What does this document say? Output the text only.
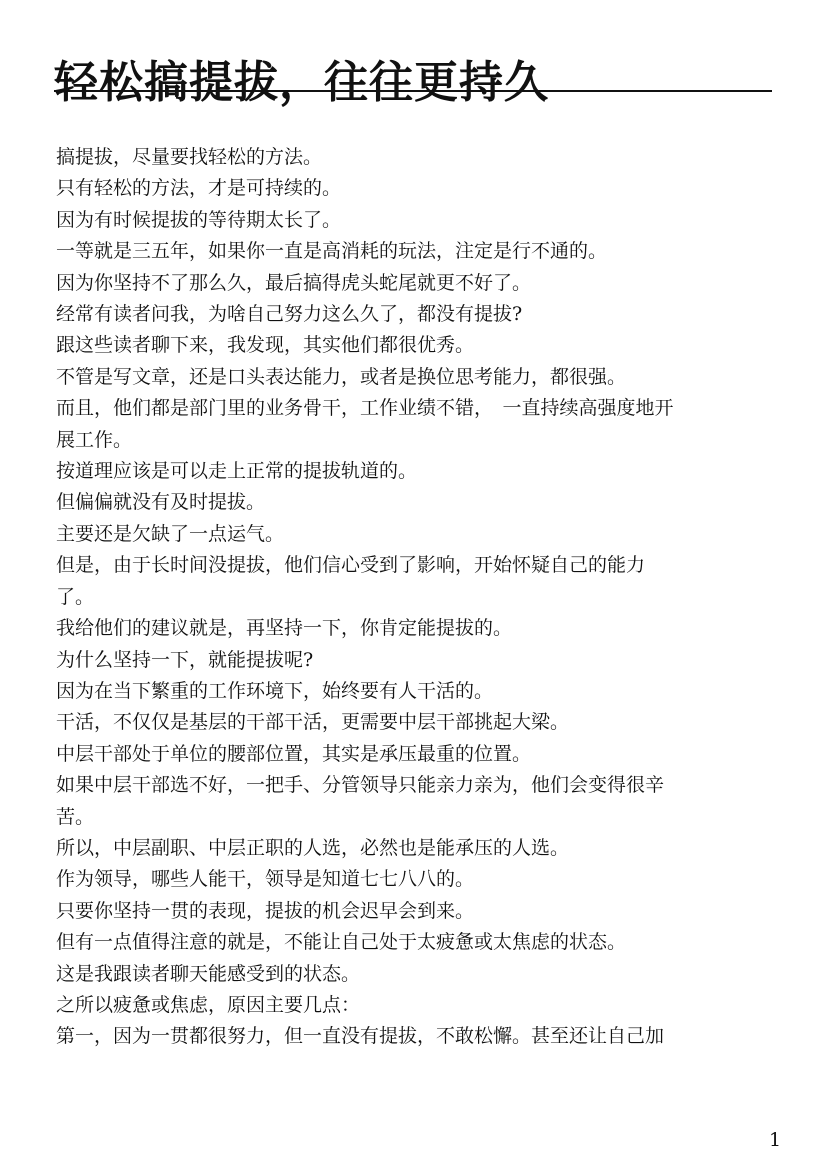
轻松搞提拔，往往更持久

搞提拔，尽量要找轻松的方法。

只有轻松的方法，才是可持续的。

因为有时候提拔的等待期太长了。

一等就是三五年，如果你一直是高消耗的玩法，注定是行不通的。

因为你坚持不了那么久，最后搞得虎头蛇尾就更不好了。

经常有读者问我，为啥自己努力这么久了，都没有提拔?

跟这些读者聊下来，我发现，其实他们都很优秀。

不管是写文章，还是口头表达能力，或者是换位思考能力，都很强。

而且，他们都是部门里的业务骨干，工作业绩不错，　一直持续高强度地开

展工作。

按道理应该是可以走上正常的提拔轨道的。

但偏偏就没有及时提拔。

主要还是欠缺了一点运气。

但是，由于长时间没提拔，他们信心受到了影响，开始怀疑自己的能力

了。

我给他们的建议就是，再坚持一下，你肯定能提拔的。

为什么坚持一下，就能提拔呢?

因为在当下繁重的工作环境下，始终要有人干活的。

干活，不仅仅是基层的干部干活，更需要中层干部挑起大梁。

中层干部处于单位的腰部位置，其实是承压最重的位置。

如果中层干部选不好，一把手、分管领导只能亲力亲为，他们会变得很辛

苦。

所以，中层副职、中层正职的人选，必然也是能承压的人选。

作为领导，哪些人能干，领导是知道七七八八的。

只要你坚持一贯的表现，提拔的机会迟早会到来。

但有一点值得注意的就是，不能让自己处于太疲惫或太焦虑的状态。

这是我跟读者聊天能感受到的状态。

之所以疲惫或焦虑，原因主要几点：

第一，因为一贯都很努力，但一直没有提拔，不敢松懈。甚至还让自己加

1
